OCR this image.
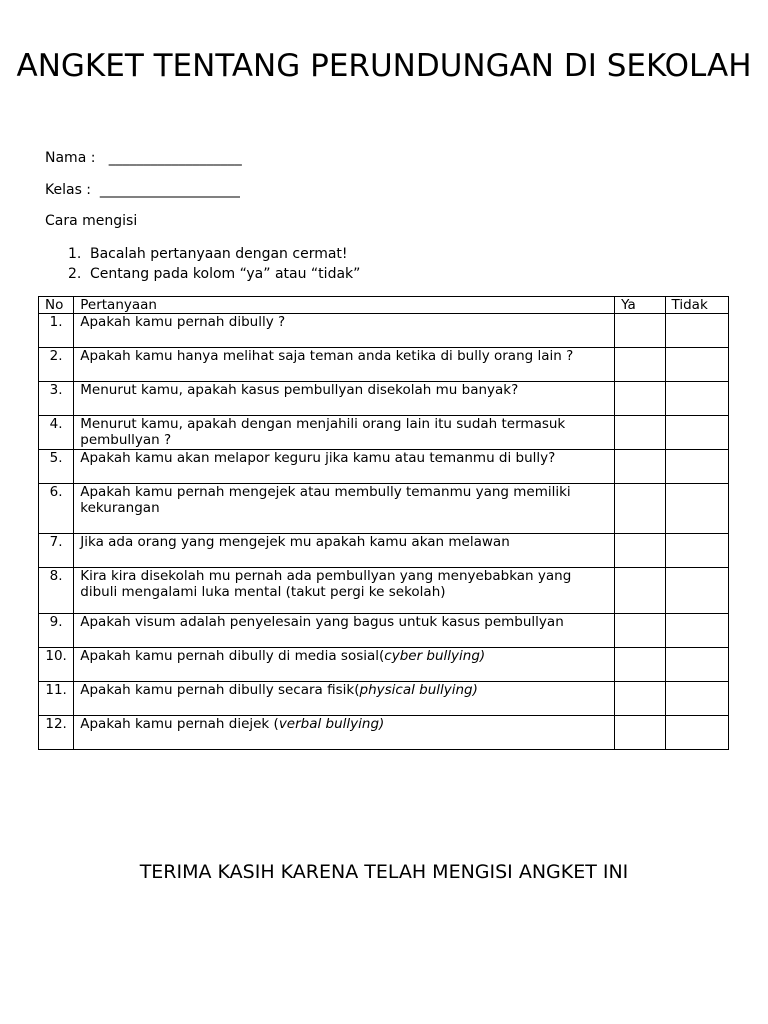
ANGKET TENTANG PERUNDUNGAN DI SEKOLAH
Nama :   ___________________
Kelas :  ____________________
Cara mengisi
1. Bacalah pertanyaan dengan cermat!
2. Centang pada kolom “ya” atau “tidak”
No	Pertanyaan	Ya	Tidak
1.	Apakah kamu pernah dibully ?		
2.	Apakah kamu hanya melihat saja teman anda ketika di bully orang lain ?		
3.	Menurut kamu, apakah kasus pembullyan disekolah mu banyak?		
4.	Menurut kamu, apakah dengan menjahili orang lain itu sudah termasuk pembullyan ?		
5.	Apakah kamu akan melapor keguru jika kamu atau temanmu di bully?		
6.	Apakah kamu pernah mengejek atau membully temanmu yang memiliki kekurangan		
7.	Jika ada orang yang mengejek mu apakah kamu akan melawan		
8.	Kira kira disekolah mu pernah ada pembullyan yang menyebabkan yang dibuli mengalami luka mental (takut pergi ke sekolah)		
9.	Apakah visum adalah penyelesain yang bagus untuk kasus pembullyan		
10.	Apakah kamu pernah dibully di media sosial(cyber bullying)		
11.	Apakah kamu pernah dibully secara fisik(physical bullying)		
12.	Apakah kamu pernah diejek (verbal bullying)		

TERIMA KASIH KARENA TELAH MENGISI ANGKET INI
